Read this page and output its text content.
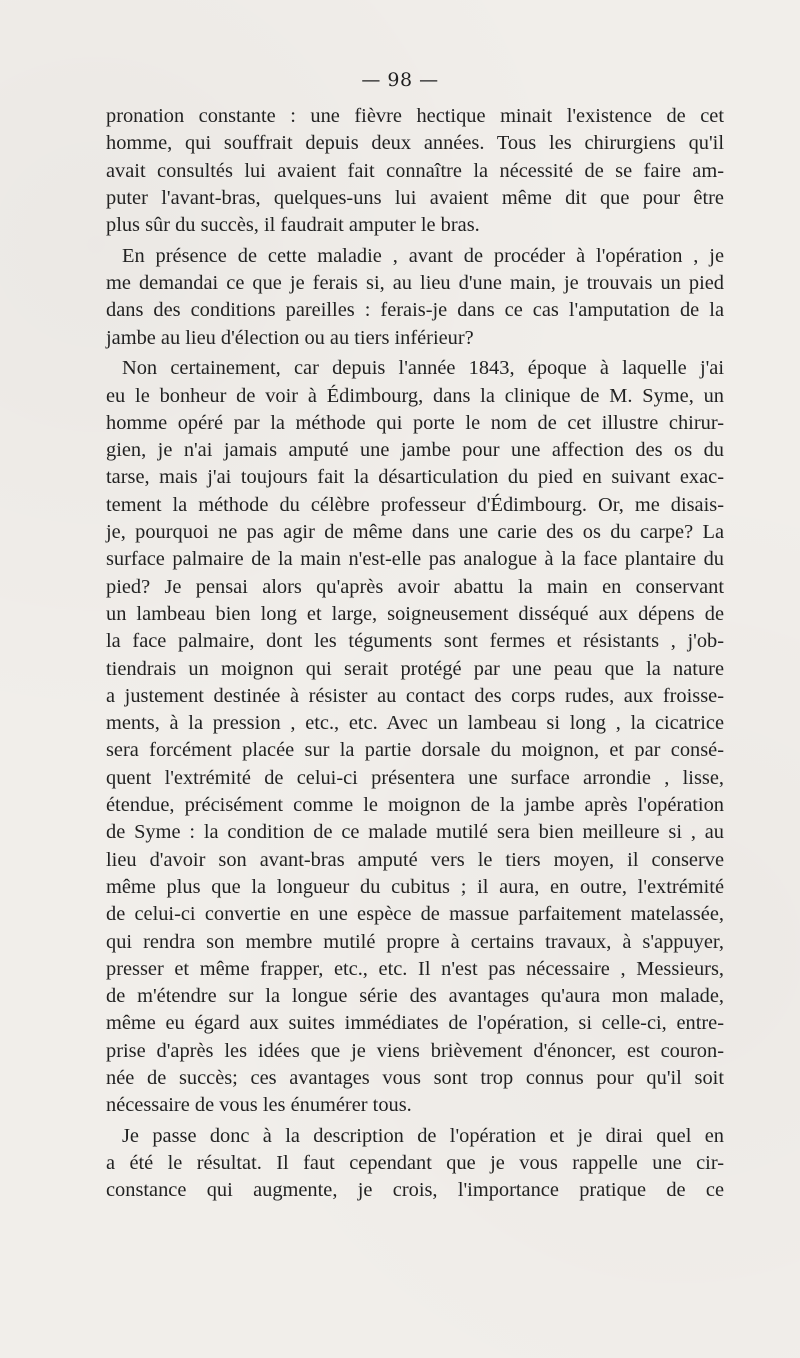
— 98 —
pronation constante : une fièvre hectique minait l'existence de cet
homme, qui souffrait depuis deux années. Tous les chirurgiens qu'il
avait consultés lui avaient fait connaître la nécessité de se faire am-
puter l'avant-bras, quelques-uns lui avaient même dit que pour être
plus sûr du succès, il faudrait amputer le bras.
En présence de cette maladie , avant de procéder à l'opération , je
me demandai ce que je ferais si, au lieu d'une main, je trouvais un pied
dans des conditions pareilles : ferais-je dans ce cas l'amputation de la
jambe au lieu d'élection ou au tiers inférieur?
Non certainement, car depuis l'année 1843, époque à laquelle j'ai
eu le bonheur de voir à Édimbourg, dans la clinique de M. Syme, un
homme opéré par la méthode qui porte le nom de cet illustre chirur-
gien, je n'ai jamais amputé une jambe pour une affection des os du
tarse, mais j'ai toujours fait la désarticulation du pied en suivant exac-
tement la méthode du célèbre professeur d'Édimbourg. Or, me disais-
je, pourquoi ne pas agir de même dans une carie des os du carpe? La
surface palmaire de la main n'est-elle pas analogue à la face plantaire du
pied? Je pensai alors qu'après avoir abattu la main en conservant
un lambeau bien long et large, soigneusement disséqué aux dépens de
la face palmaire, dont les téguments sont fermes et résistants , j'ob-
tiendrais un moignon qui serait protégé par une peau que la nature
a justement destinée à résister au contact des corps rudes, aux froisse-
ments, à la pression , etc., etc. Avec un lambeau si long , la cicatrice
sera forcément placée sur la partie dorsale du moignon, et par consé-
quent l'extrémité de celui-ci présentera une surface arrondie , lisse,
étendue, précisément comme le moignon de la jambe après l'opération
de Syme : la condition de ce malade mutilé sera bien meilleure si , au
lieu d'avoir son avant-bras amputé vers le tiers moyen, il conserve
même plus que la longueur du cubitus ; il aura, en outre, l'extrémité
de celui-ci convertie en une espèce de massue parfaitement matelassée,
qui rendra son membre mutilé propre à certains travaux, à s'appuyer,
presser et même frapper, etc., etc. Il n'est pas nécessaire , Messieurs,
de m'étendre sur la longue série des avantages qu'aura mon malade,
même eu égard aux suites immédiates de l'opération, si celle-ci, entre-
prise d'après les idées que je viens brièvement d'énoncer, est couron-
née de succès; ces avantages vous sont trop connus pour qu'il soit
nécessaire de vous les énumérer tous.
Je passe donc à la description de l'opération et je dirai quel en
a été le résultat. Il faut cependant que je vous rappelle une cir-
constance qui augmente, je crois, l'importance pratique de ce
